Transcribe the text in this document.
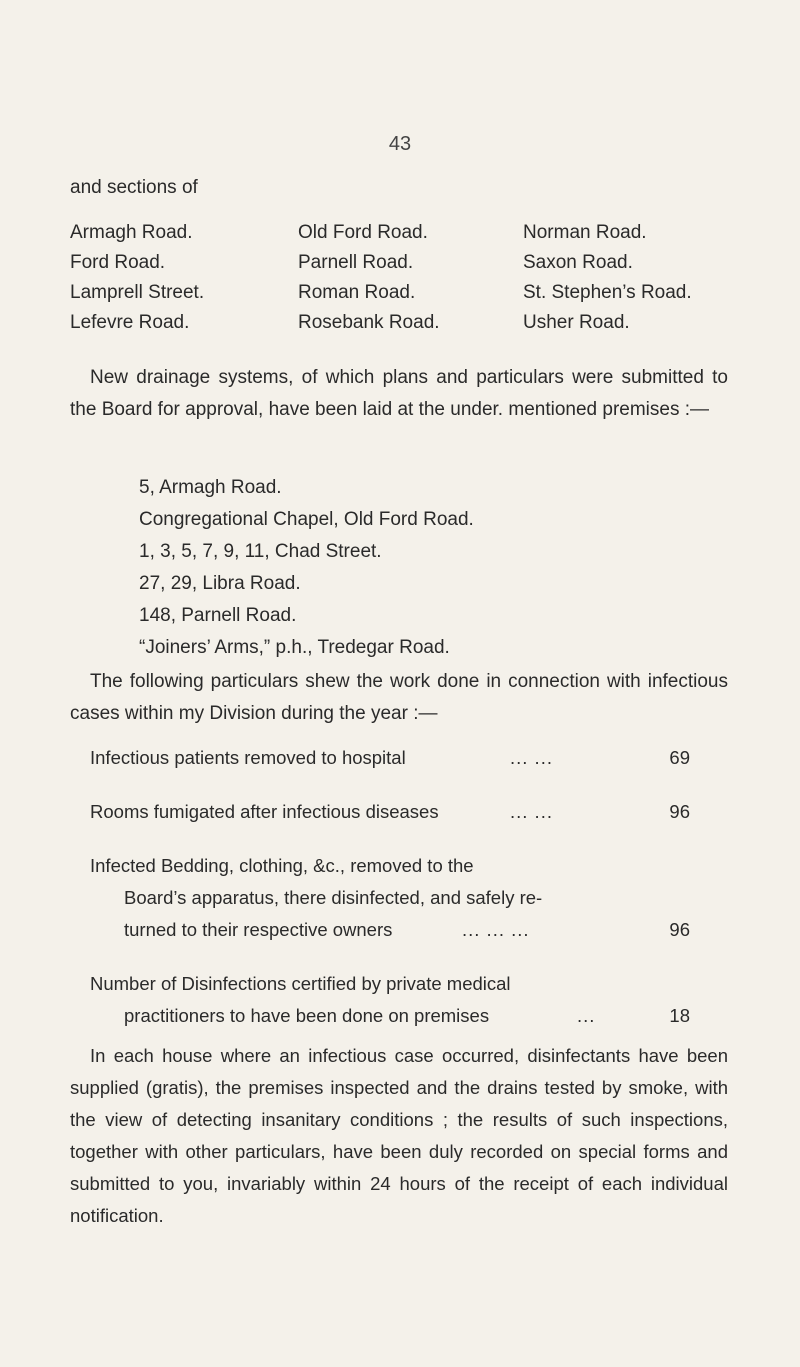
43
and sections of
Armagh Road.	Old Ford Road.	Norman Road.
Ford Road.	Parnell Road.	Saxon Road.
Lamprell Street.	Roman Road.	St. Stephen’s Road.
Lefevre Road.	Rosebank Road.	Usher Road.
New drainage systems, of which plans and particulars were submitted to the Board for approval, have been laid at the under. mentioned premises :—
5, Armagh Road.
Congregational Chapel, Old Ford Road.
1, 3, 5, 7, 9, 11, Chad Street.
27, 29, Libra Road.
148, Parnell Road.
“Joiners’ Arms,” p.h., Tredegar Road.
The following particulars shew the work done in connection with infectious cases within my Division during the year :—
Infectious patients removed to hospital	... ...	69
Rooms fumigated after infectious diseases	... ...	96
Infected Bedding, clothing, &c., removed to the
Board’s apparatus, there disinfected, and safely re-
turned to their respective owners	... ... ...	96
Number of Disinfections certified by private medical
practitioners to have been done on premises	...	18
In each house where an infectious case occurred, disinfectants have been supplied (gratis), the premises inspected and the drains tested by smoke, with the view of detecting insanitary conditions ; the results of such inspections, together with other particulars, have been duly recorded on special forms and submitted to you, invariably within 24 hours of the receipt of each individual notification.
